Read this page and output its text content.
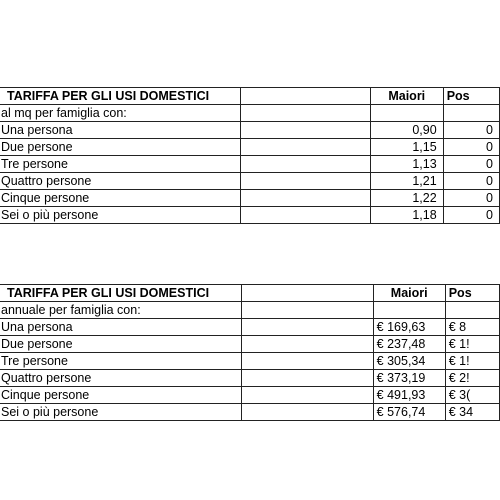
TARIFFA PER GLI USI DOMESTICI		Maiori	Pos
al mq per famiglia con:			
Una persona		0,90	0
Due persone		1,15	0
Tre persone		1,13	0
Quattro persone		1,21	0
Cinque persone		1,22	0
Sei o più persone		1,18	0
TARIFFA PER GLI USI DOMESTICI		Maiori	Pos
annuale per famiglia con:			
Una persona		€ 169,63	€ 8
Due persone		€ 237,48	€ 1!
Tre persone		€ 305,34	€ 1!
Quattro persone		€ 373,19	€ 2!
Cinque persone		€ 491,93	€ 3(
Sei o più persone		€ 576,74	€ 34
